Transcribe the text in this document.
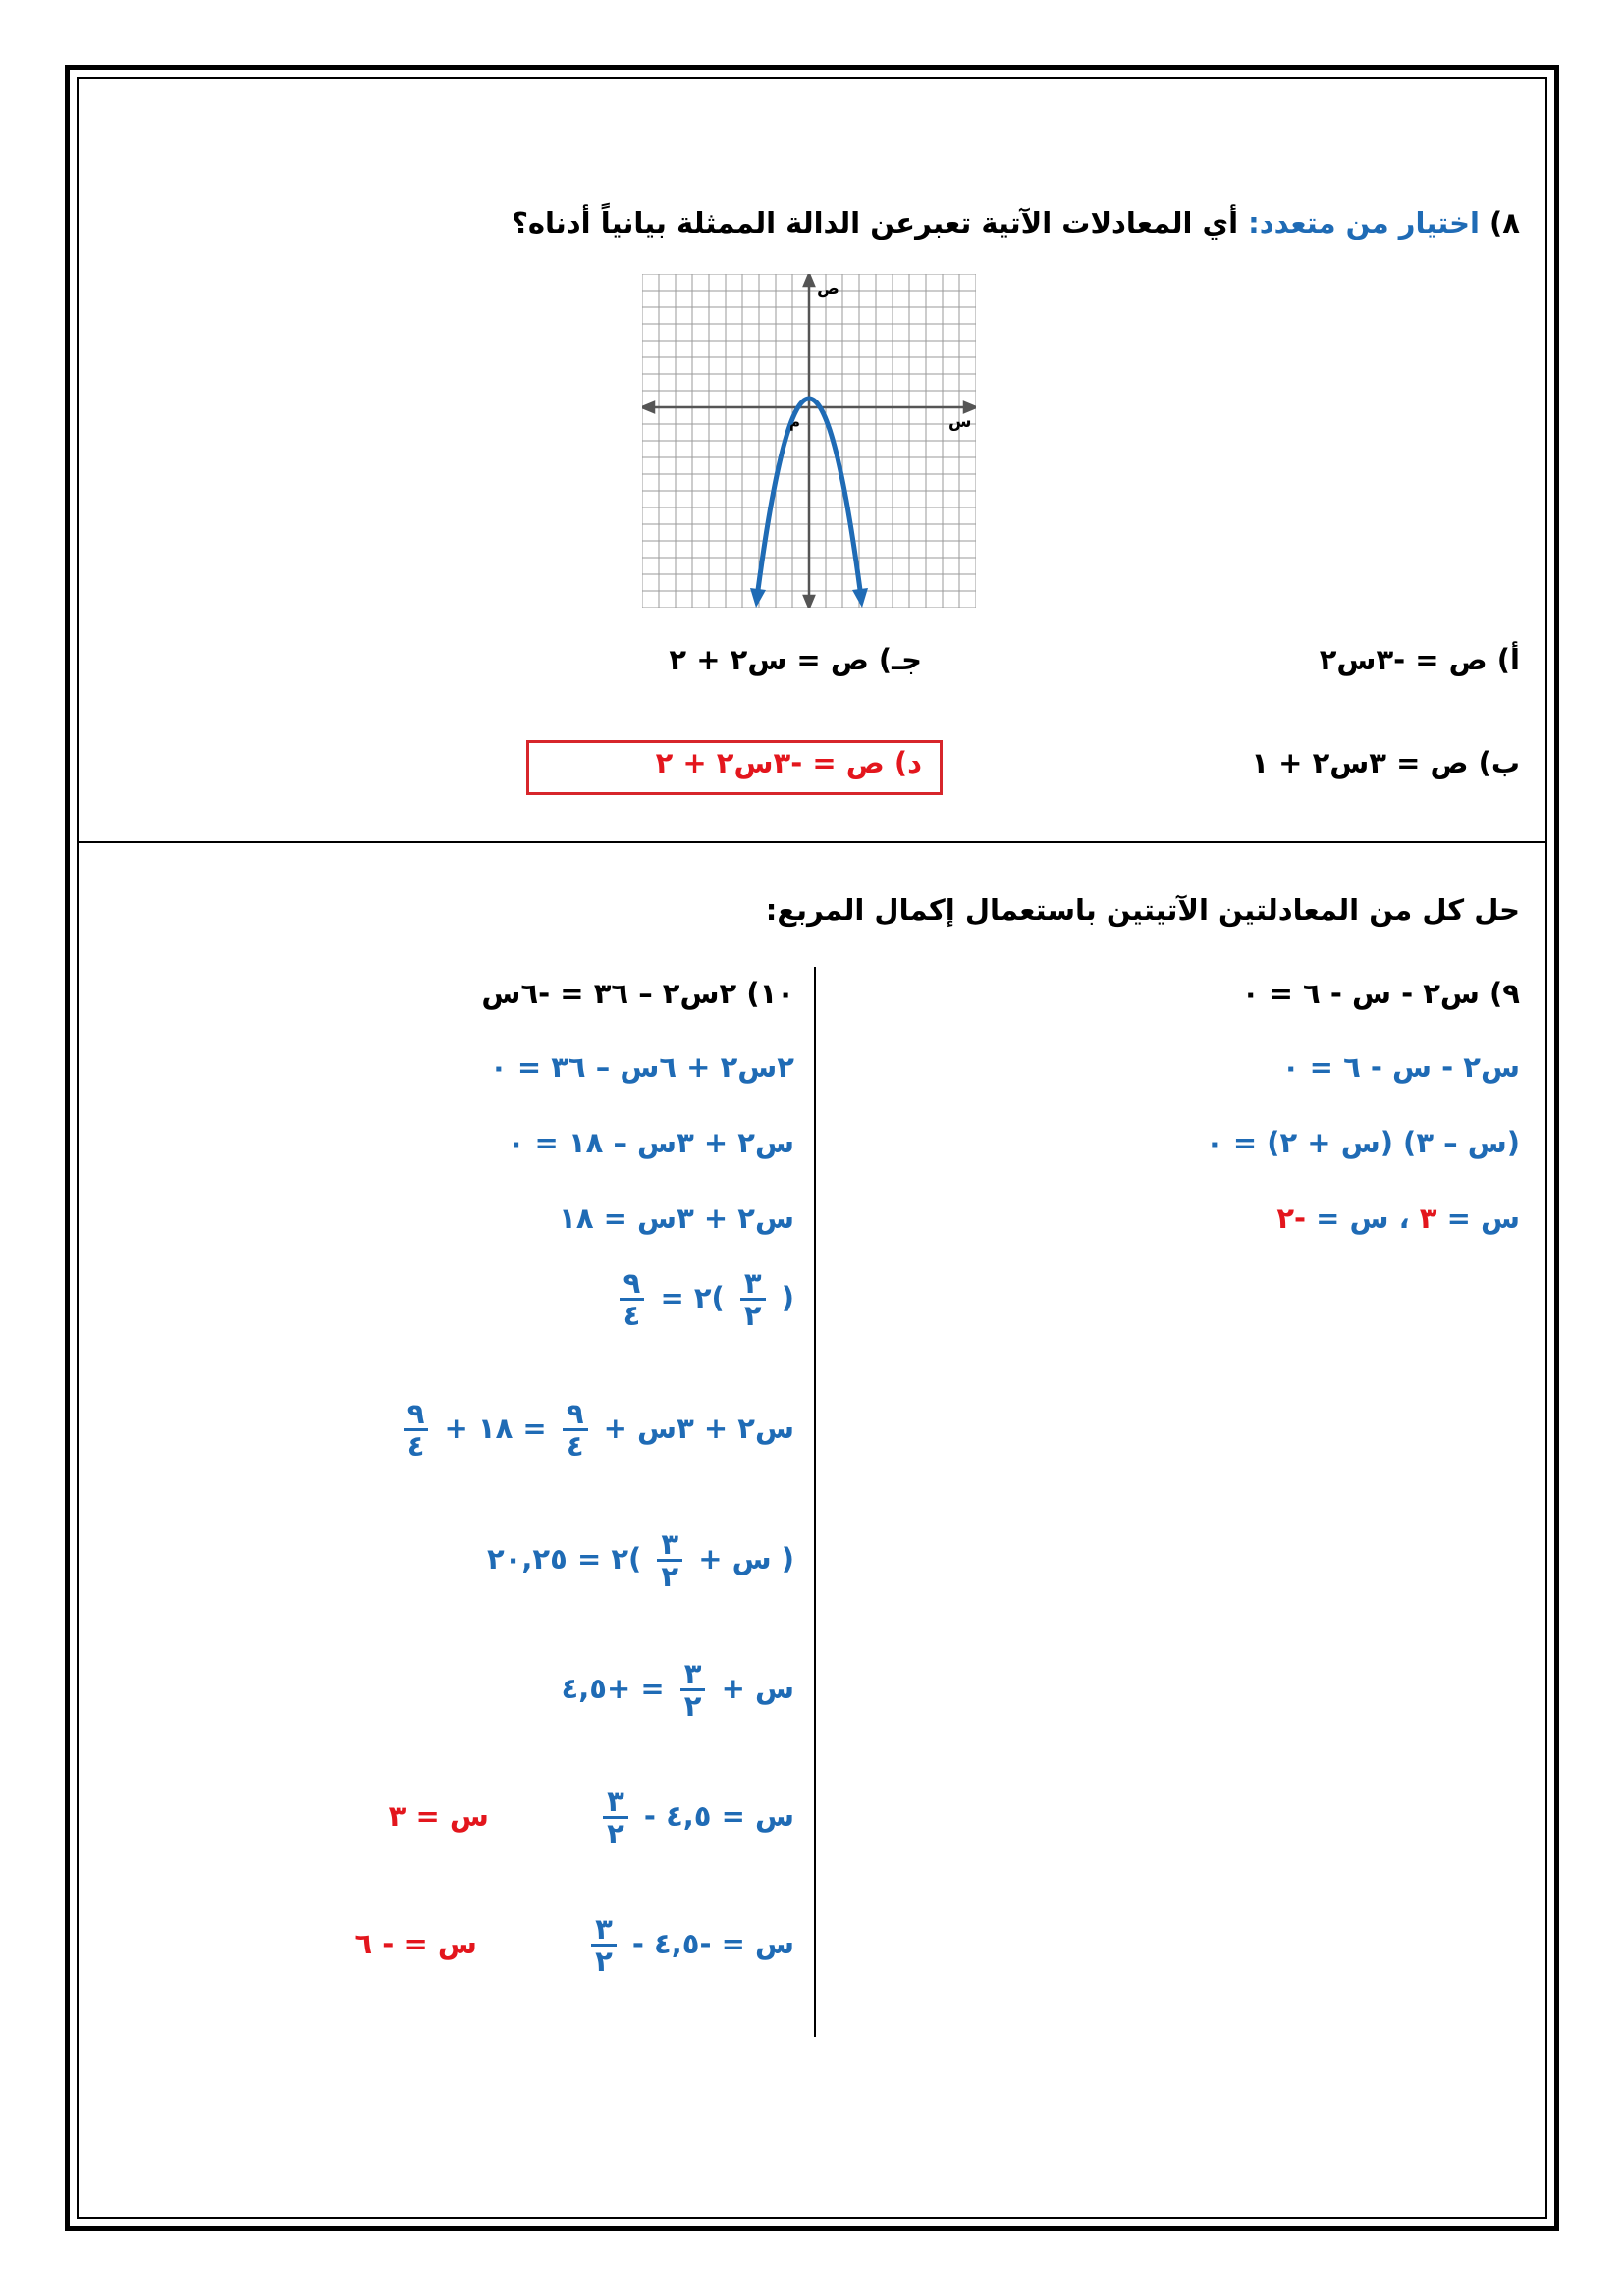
٨) اختيار من متعدد: أي المعادلات الآتية تعبرعن الدالة الممثلة بيانياً أدناه؟
ص
س
م
أ) ص = -٣س٢
جـ) ص = س٢ + ٢
ب) ص = ٣س٢ + ١
د) ص = -٣س٢ + ٢
حل كل من المعادلتين الآتيتين باستعمال إكمال المربع:
٩) س٢ - س - ٦ = ٠
س٢ - س - ٦ = ٠
(س – ٣) (س + ٢) = ٠
س = ٣ ، س = -٢
١٠) ٢س٢ – ٣٦ = -٦س
٢س٢ + ٦س – ٣٦ = ٠
س٢ + ٣س – ١٨ = ٠
س٢ + ٣س = ١٨
(
$\frac{٣}{٢}$
)٢ =
$\frac{٩}{٤}$
س٢ + ٣س +
$\frac{٩}{٤}$
= ١٨ +
$\frac{٩}{٤}$
( س +
$\frac{٣}{٢}$
)٢ = ٢٠,٢٥
س +
$\frac{٣}{٢}$
= +٤,٥
س = ٤,٥ -
$\frac{٣}{٢}$
س = ٣
س = -٤,٥ -
$\frac{٣}{٢}$
س = - ٦
